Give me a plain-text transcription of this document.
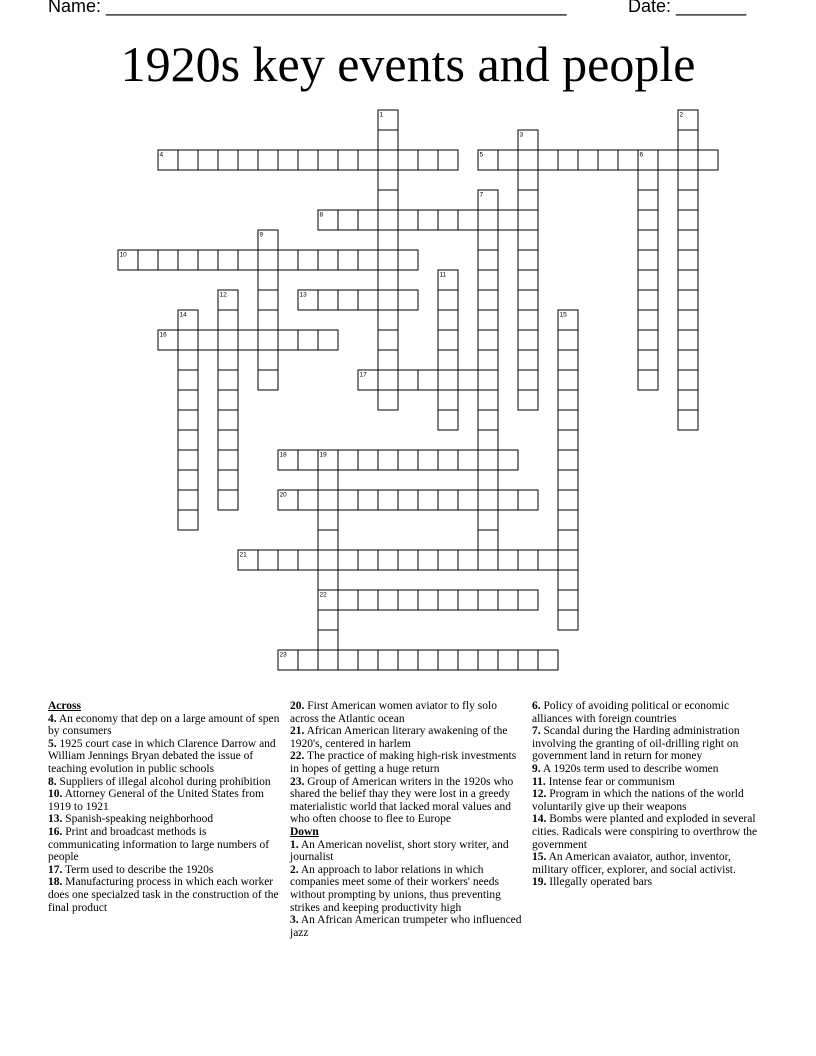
Name: ______________________________________________	Date: _______
1920s key events and people
1	2
3
4	5	6
7
8
9
10
11
12	13
14	15
16
17
18	19
20
21
22
23
Across
4. An economy that dep on a large amount of spen by consumers
5. 1925 court case in which Clarence Darrow and William Jennings Bryan debated the issue of teaching evolution in public schools
8. Suppliers of illegal alcohol during prohibition
10. Attorney General of the United States from 1919 to 1921
13. Spanish-speaking neighborhood
16. Print and broadcast methods is communicating information to large numbers of people
17. Term used to describe the 1920s
18. Manufacturing process in which each worker does one specialzed task in the construction of the final product
20. First American women aviator to fly solo across the Atlantic ocean
21. African American literary awakening of the 1920's, centered in harlem
22. The practice of making high-risk investments in hopes of getting a huge return
23. Group of American writers in the 1920s who shared the belief thay they were lost in a greedy materialistic world that lacked moral values and who often choose to flee to Europe
Down
1. An American novelist, short story writer, and journalist
2. An approach to labor relations in which companies meet some of their workers' needs without prompting by unions, thus preventing strikes and keeping productivity high
3. An African American trumpeter who influenced jazz
6. Policy of avoiding political or economic alliances with foreign countries
7. Scandal during the Harding administration involving the granting of oil-drilling right on government land in return for money
9. A 1920s term used to describe women
11. Intense fear or communism
12. Program in which the nations of the world voluntarily give up their weapons
14. Bombs were planted and exploded in several cities. Radicals were conspiring to overthrow the government
15. An American avaiator, author, inventor, military officer, explorer, and social activist.
19. Illegally operated bars
